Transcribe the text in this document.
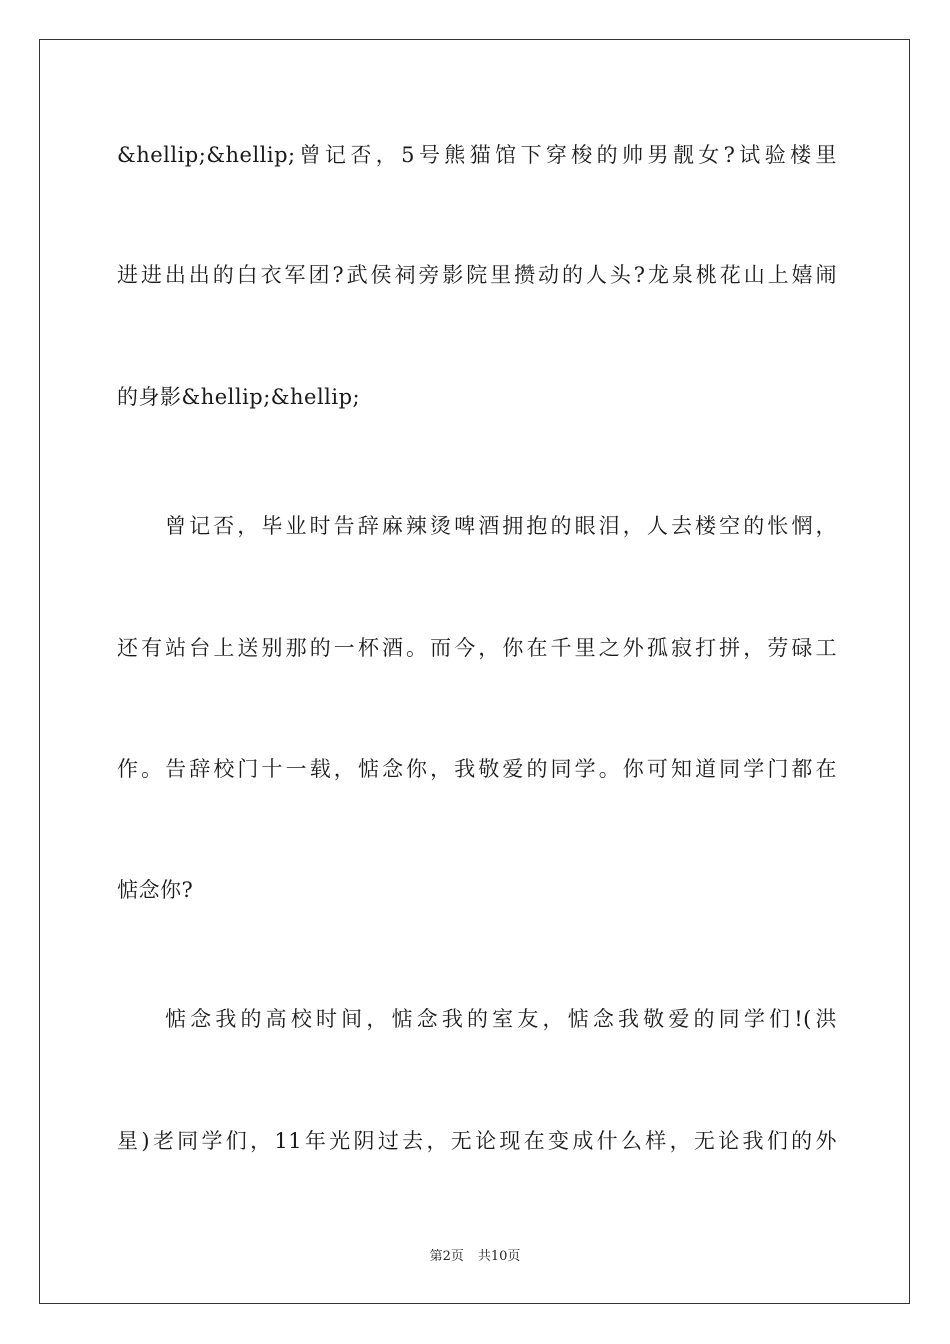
&hellip;&hellip;曾记否，5号熊猫馆下穿梭的帅男靓女?试验楼里
进进出出的白衣军团?武侯祠旁影院里攒动的人头?龙泉桃花山上嬉闹
的身影&hellip;&hellip;
曾记否，毕业时告辞麻辣烫啤酒拥抱的眼泪，人去楼空的怅惘，
还有站台上送别那的一杯酒。而今，你在千里之外孤寂打拼，劳碌工
作。告辞校门十一载，惦念你，我敬爱的同学。你可知道同学门都在
惦念你?
惦念我的高校时间，惦念我的室友，惦念我敬爱的同学们!(洪
星)老同学们，11年光阴过去，无论现在变成什么样，无论我们的外
第2页 共10页
